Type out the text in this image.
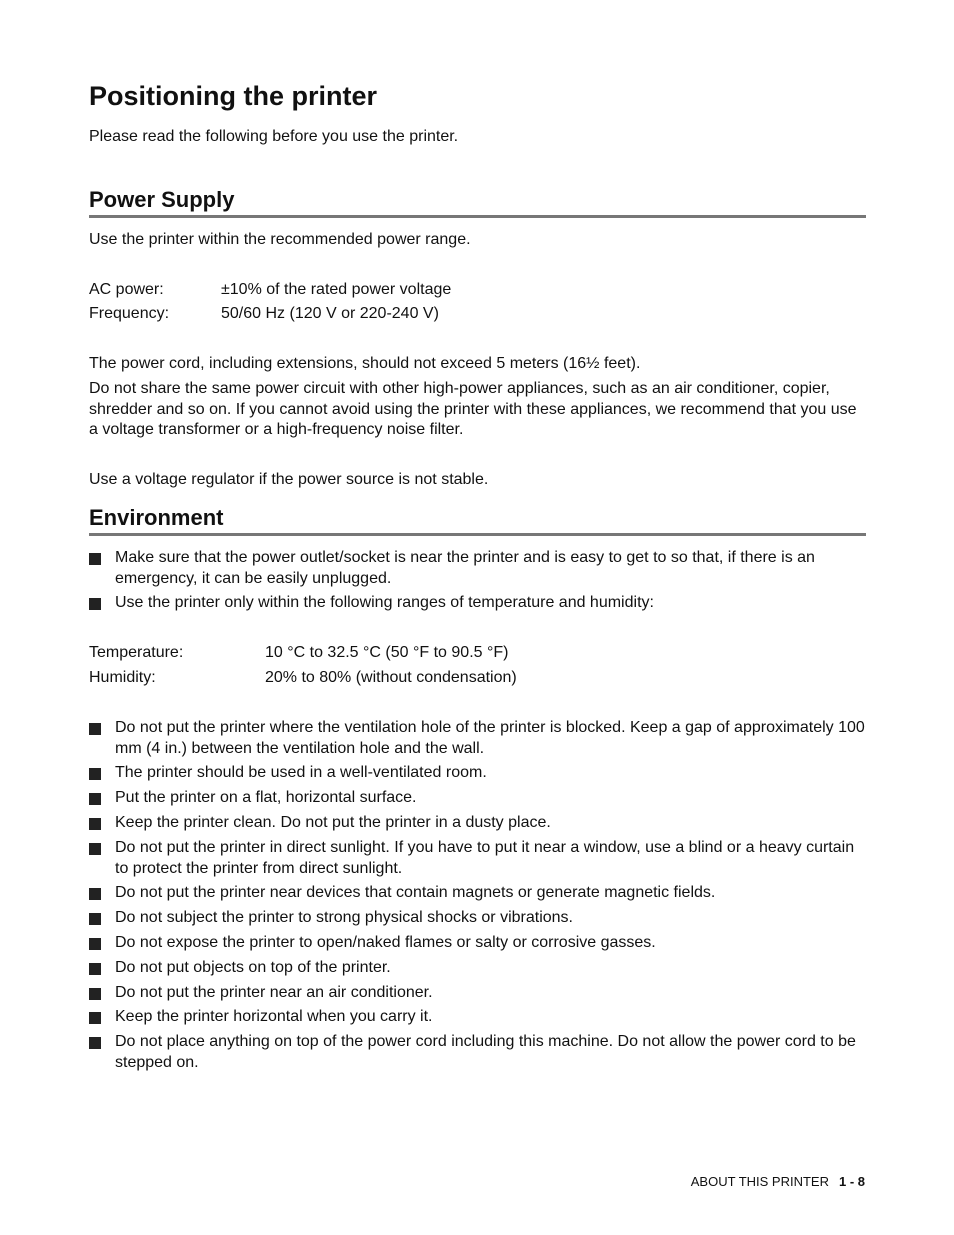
Positioning the printer
Please read the following before you use the printer.
Power Supply
Use the printer within the recommended power range.
AC power:	±10% of the rated power voltage
Frequency:	50/60 Hz (120 V or 220-240 V)
The power cord, including extensions, should not exceed 5 meters (16½ feet).
Do not share the same power circuit with other high-power appliances, such as an air conditioner, copier, shredder and so on. If you cannot avoid using the printer with these appliances, we recommend that you use a voltage transformer or a high-frequency noise filter.
Use a voltage regulator if the power source is not stable.
Environment
Make sure that the power outlet/socket is near the printer and is easy to get to so that, if there is an emergency, it can be easily unplugged.
Use the printer only within the following ranges of temperature and humidity:
Temperature:	10 °C to 32.5 °C (50 °F to 90.5 °F)
Humidity:	20% to 80% (without condensation)
Do not put the printer where the ventilation hole of the printer is blocked. Keep a gap of approximately 100 mm (4 in.) between the ventilation hole and the wall.
The printer should be used in a well-ventilated room.
Put the printer on a flat, horizontal surface.
Keep the printer clean. Do not put the printer in a dusty place.
Do not put the printer in direct sunlight. If you have to put it near a window, use a blind or a heavy curtain to protect the printer from direct sunlight.
Do not put the printer near devices that contain magnets or generate magnetic fields.
Do not subject the printer to strong physical shocks or vibrations.
Do not expose the printer to open/naked flames or salty or corrosive gasses.
Do not put objects on top of the printer.
Do not put the printer near an air conditioner.
Keep the printer horizontal when you carry it.
Do not place anything on top of the power cord including this machine. Do not allow the power cord to be stepped on.
ABOUT THIS PRINTER 1 - 8
